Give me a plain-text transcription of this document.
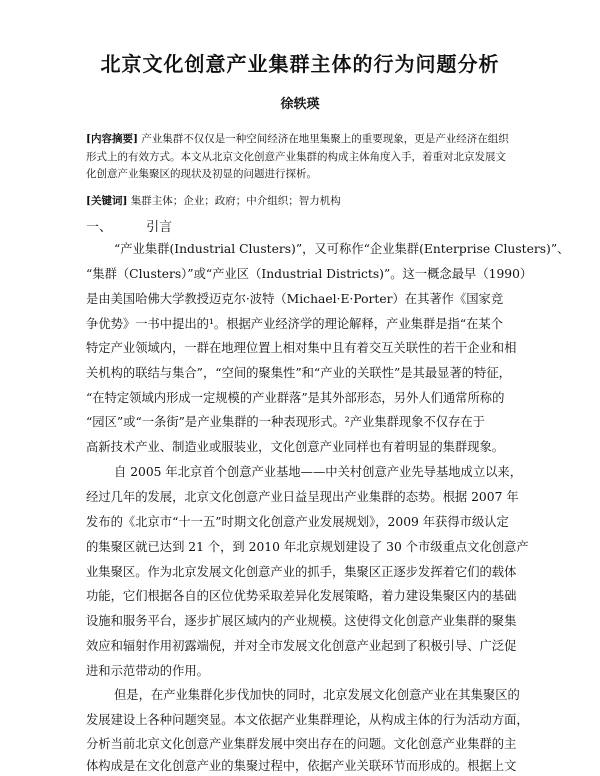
北京文化创意产业集群主体的行为问题分析
徐轶瑛
[内容摘要] 产业集群不仅仅是一种空间经济在地里集聚上的重要现象，更是产业经济在组织形式上的有效方式。本文从北京文化创意产业集群的构成主体角度入手，着重对北京发展文化创意产业集聚区的现状及初显的问题进行探析。
[关键词] 集群主体；企业；政府；中介组织；智力机构
一、	引言
“产业集群(Industrial Clusters)”，又可称作“企业集群(Enterprise Clusters)”、
“集群（Clusters）”或“产业区（Industrial Districts)”。这一概念最早（1990）
是由美国哈佛大学教授迈克尔·波特（Michael·E·Porter）在其著作《国家竞
争优势》一书中提出的¹。根据产业经济学的理论解释，产业集群是指“在某个
特定产业领域内，一群在地理位置上相对集中且有着交互关联性的若干企业和相
关机构的联结与集合”，“空间的聚集性”和“产业的关联性”是其最显著的特征，
“在特定领域内形成一定规模的产业群落”是其外部形态，另外人们通常所称的
“园区”或“一条街”是产业集群的一种表现形式。²产业集群现象不仅存在于
高新技术产业、制造业或服装业，文化创意产业同样也有着明显的集群现象。
自 2005 年北京首个创意产业基地——中关村创意产业先导基地成立以来，
经过几年的发展，北京文化创意产业日益呈现出产业集群的态势。根据 2007 年
发布的《北京市“十一五”时期文化创意产业发展规划》，2009 年获得市级认定
的集聚区就已达到 21 个，到 2010 年北京规划建设了 30 个市级重点文化创意产
业集聚区。作为北京发展文化创意产业的抓手，集聚区正逐步发挥着它们的载体
功能，它们根据各自的区位优势采取差异化发展策略，着力建设集聚区内的基础
设施和服务平台，逐步扩展区域内的产业规模。这使得文化创意产业集群的聚集
效应和辐射作用初露端倪，并对全市发展文化创意产业起到了积极引导、广泛促
进和示范带动的作用。
但是，在产业集群化步伐加快的同时，北京发展文化创意产业在其集聚区的
发展建设上各种问题突显。本文依据产业集群理论，从构成主体的行为活动方面，
分析当前北京文化创意产业集群发展中突出存在的问题。文化创意产业集群的主
体构成是在文化创意产业的集聚过程中，依据产业关联环节而形成的。根据上文
